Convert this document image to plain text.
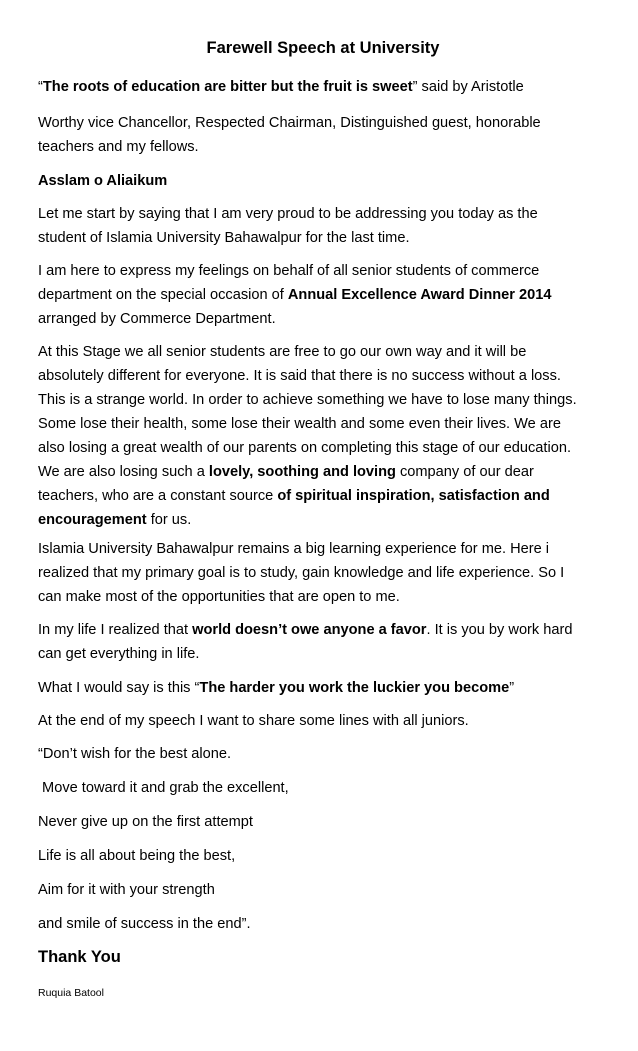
Farewell Speech at University

“The roots of education are bitter but the fruit is sweet” said by Aristotle

Worthy vice Chancellor, Respected Chairman, Distinguished guest, honorable
teachers and my fellows.

Asslam o Aliaikum

Let me start by saying that I am very proud to be addressing you today as the
student of Islamia University Bahawalpur for the last time.

I am here to express my feelings on behalf of all senior students of commerce
department on the special occasion of Annual Excellence Award Dinner 2014
arranged by Commerce Department.

At this Stage we all senior students are free to go our own way and it will be
absolutely different for everyone. It is said that there is no success without a loss.
This is a strange world. In order to achieve something we have to lose many things.
Some lose their health, some lose their wealth and some even their lives. We are
also losing a great wealth of our parents on completing this stage of our education.
We are also losing such a lovely, soothing and loving company of our dear
teachers, who are a constant source of spiritual inspiration, satisfaction and
encouragement for us.

Islamia University Bahawalpur remains a big learning experience for me. Here i
realized that my primary goal is to study, gain knowledge and life experience. So I
can make most of the opportunities that are open to me.

In my life I realized that world doesn’t owe anyone a favor. It is you by work hard
can get everything in life.

What I would say is this “The harder you work the luckier you become”

At the end of my speech I want to share some lines with all juniors.

“Don’t wish for the best alone.

Move toward it and grab the excellent,

Never give up on the first attempt

Life is all about being the best,

Aim for it with your strength

and smile of success in the end”.

Thank You
Ruquia Batool
